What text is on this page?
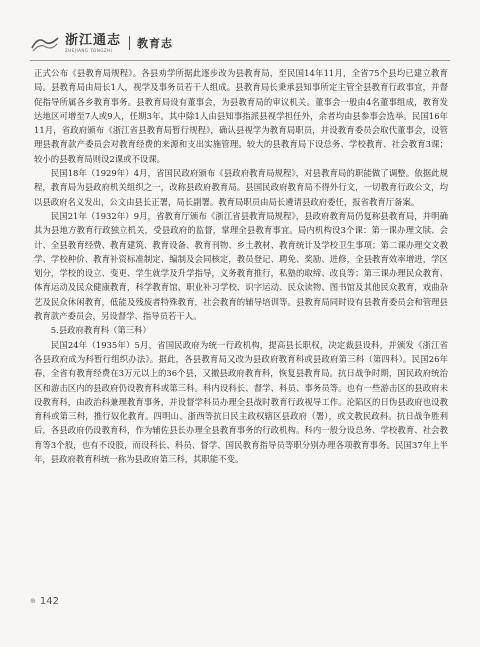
浙江通志
ZHEJIANG TONGZHI	教育志

正式公布《县教育局规程》。各县劝学所据此逐步改为县教育局，至民国14年11月，全省75个县均已建立教育局。县教育局由局长1人，视学及事务员若干人组成。县教育局长秉承县知事所定主管全县教育行政事宜，并督促指导所属各乡教育事务。县教育局设有董事会，为县教育局的审议机关。董事会一般由4名董事组成，教育发达地区可增至7人或9人，任期3年。其中除1人由县知事指派县视学担任外，余者均由县参事会选举。民国16年11月，省政府颁布《浙江省县教育局暂行规程》，确认县视学为教育局职员，并设教育委员会取代董事会，设管理县教育款产委员会对教育经费的来源和支出实施管理。较大的县教育局下设总务、学校教育、社会教育3课；较小的县教育局则设2课或不设课。

民国18年（1929年）4月，省国民政府颁布《县政府教育局规程》，对县教育局的职能做了调整。依据此规程，教育局为县政府机关组织之一，改称县政府教育局。县国民政府教育局不得外行文，一切教育行政公文，均以县政府名义发出，公文由县长正署，局长副署。教育局职员由局长遴请县政府委任，报省教育厅备案。

民国21年（1932年）9月，省教育厅颁布《浙江省县教育局规程》，县政府教育局仍复称县教育局，并明确其为县地方教育行政独立机关，受县政府的监督，掌理全县教育事宜。局内机构设3个课：第一课办理文牍、会计、全县教育经费、教育建筑、教育设备、教育刊物、乡土教材、教育统计及学校卫生事项；第二课办理交文教学、学校种价、教育补资标准制定、编制及会同核定，教员登记、聘免、奖励、进修，全县教育效率增进，学区划分，学校的设立、变更、学生就学及升学指导，义务教育推行，私塾的取缔、改良等；第三课办理民众教育、体育运动及民众健康教育，科学教育馆、职业补习学校、识字运动、民众读物、图书馆及其他民众教育，戏曲杂艺及民众休闲教育，低能及残废者特殊教育，社会教育的辅导培训等。县教育局同时设有县教育委员会和管理县教育款产委员会，另设督学、指导员若干人。

5.县政府教育科（第三科）

民国24年（1935年）5月，省国民政府为统一行政机构，提高县长职权，决定裁县设科，并颁发《浙江省各县政府成为科暂行组织办法》。据此，各县教育局又改为县政府教育科或县政府第三科（第四科）。民国26年春，全省有教育经费在3万元以上的36个县，又撤县政府教育科，恢复县教育局。抗日战争时期，国民政府统治区和游击区内的县政府仍设教育科或第三科。科内设科长、督学、科员、事务员等。也有一些游击区的县政府未设教育科，由政治科兼理教育事务，并设督学科员办理全县战时教育行政视导工作。沦陷区的日伪县政府也设教育科或第三科，推行奴化教育。四明山、浙西等抗日民主政权辖区县政府（署），或文教民政科。抗日战争胜利后，各县政府仍设教育科，作为辅佐县长办理全县教育事务的行政机构。科内一般分设总务、学校教育、社会教育等3个股，也有不设股，而设科长、科员、督学、国民教育指导员等职分别办理各项教育事务。民国37年上半年，县政府教育科统一称为县政府第三科，其职能不变。

⊕ 142
